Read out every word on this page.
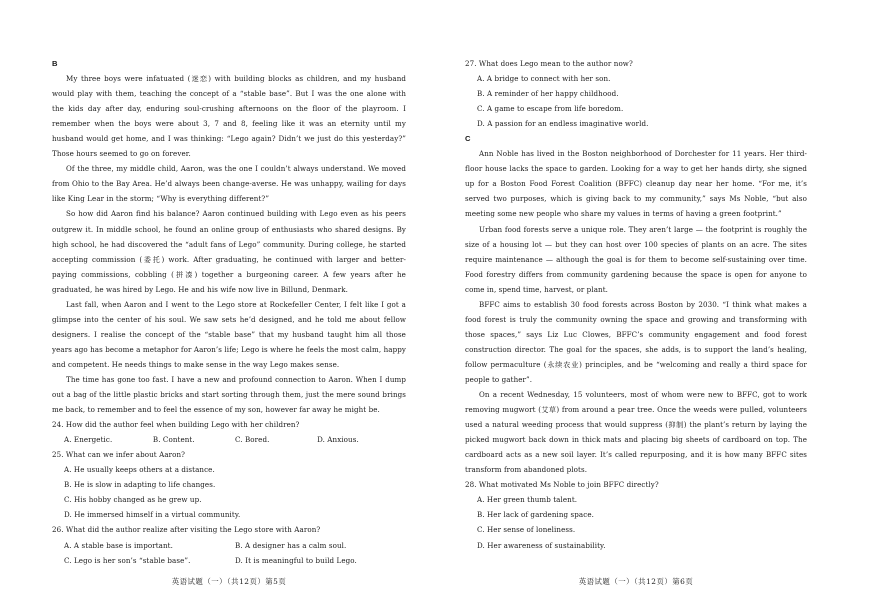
B

My three boys were infatuated (迷恋) with building blocks as children, and my husband would play with them, teaching the concept of a “stable base”. But I was the one alone with the kids day after day, enduring soul-crushing afternoons on the floor of the playroom. I remember when the boys were about 3, 7 and 8, feeling like it was an eternity until my husband would get home, and I was thinking: “Lego again? Didn’t we just do this yesterday?” Those hours seemed to go on forever.

Of the three, my middle child, Aaron, was the one I couldn’t always understand. We moved from Ohio to the Bay Area. He’d always been change-averse. He was unhappy, wailing for days like King Lear in the storm; “Why is everything different?”

So how did Aaron find his balance? Aaron continued building with Lego even as his peers outgrew it. In middle school, he found an online group of enthusiasts who shared designs. By high school, he had discovered the “adult fans of Lego” community. During college, he started accepting commission (委托) work. After graduating, he continued with larger and better-paying commissions, cobbling (拼凑) together a burgeoning career. A few years after he graduated, he was hired by Lego. He and his wife now live in Billund, Denmark.

Last fall, when Aaron and I went to the Lego store at Rockefeller Center, I felt like I got a glimpse into the center of his soul. We saw sets he’d designed, and he told me about fellow designers. I realise the concept of the “stable base” that my husband taught him all those years ago has become a metaphor for Aaron’s life; Lego is where he feels the most calm, happy and competent. He needs things to make sense in the way Lego makes sense.

The time has gone too fast. I have a new and profound connection to Aaron. When I dump out a bag of the little plastic bricks and start sorting through them, just the mere sound brings me back, to remember and to feel the essence of my son, however far away he might be.

24. How did the author feel when building Lego with her children?

A. Energetic.	B. Content.	C. Bored.	D. Anxious.

25. What can we infer about Aaron?

A. He usually keeps others at a distance.

B. He is slow in adapting to life changes.

C. His hobby changed as he grew up.

D. He immersed himself in a virtual community.

26. What did the author realize after visiting the Lego store with Aaron?

A. A stable base is important.	B. A designer has a calm soul.

C. Lego is her son’s “stable base”.	D. It is meaningful to build Lego.

英语试题（一）（共12页）第5页

27. What does Lego mean to the author now?

A. A bridge to connect with her son.

B. A reminder of her happy childhood.

C. A game to escape from life boredom.

D. A passion for an endless imaginative world.

C

Ann Noble has lived in the Boston neighborhood of Dorchester for 11 years. Her third-floor house lacks the space to garden. Looking for a way to get her hands dirty, she signed up for a Boston Food Forest Coalition (BFFC) cleanup day near her home. “For me, it’s served two purposes, which is giving back to my community,” says Ms Noble, “but also meeting some new people who share my values in terms of having a green footprint.”

Urban food forests serve a unique role. They aren’t large — the footprint is roughly the size of a housing lot — but they can host over 100 species of plants on an acre. The sites require maintenance — although the goal is for them to become self-sustaining over time. Food forestry differs from community gardening because the space is open for anyone to come in, spend time, harvest, or plant.

BFFC aims to establish 30 food forests across Boston by 2030. “I think what makes a food forest is truly the community owning the space and growing and transforming with those spaces,” says Liz Luc Clowes, BFFC’s community engagement and food forest construction director. The goal for the spaces, she adds, is to support the land’s healing, follow permaculture (永续农业) principles, and be “welcoming and really a third space for people to gather”.

On a recent Wednesday, 15 volunteers, most of whom were new to BFFC, got to work removing mugwort (艾草) from around a pear tree. Once the weeds were pulled, volunteers used a natural weeding process that would suppress (抑制) the plant’s return by laying the picked mugwort back down in thick mats and placing big sheets of cardboard on top. The cardboard acts as a new soil layer. It’s called repurposing, and it is how many BFFC sites transform from abandoned plots.

28. What motivated Ms Noble to join BFFC directly?

A. Her green thumb talent.

B. Her lack of gardening space.

C. Her sense of loneliness.

D. Her awareness of sustainability.

英语试题（一）（共12页）第6页
